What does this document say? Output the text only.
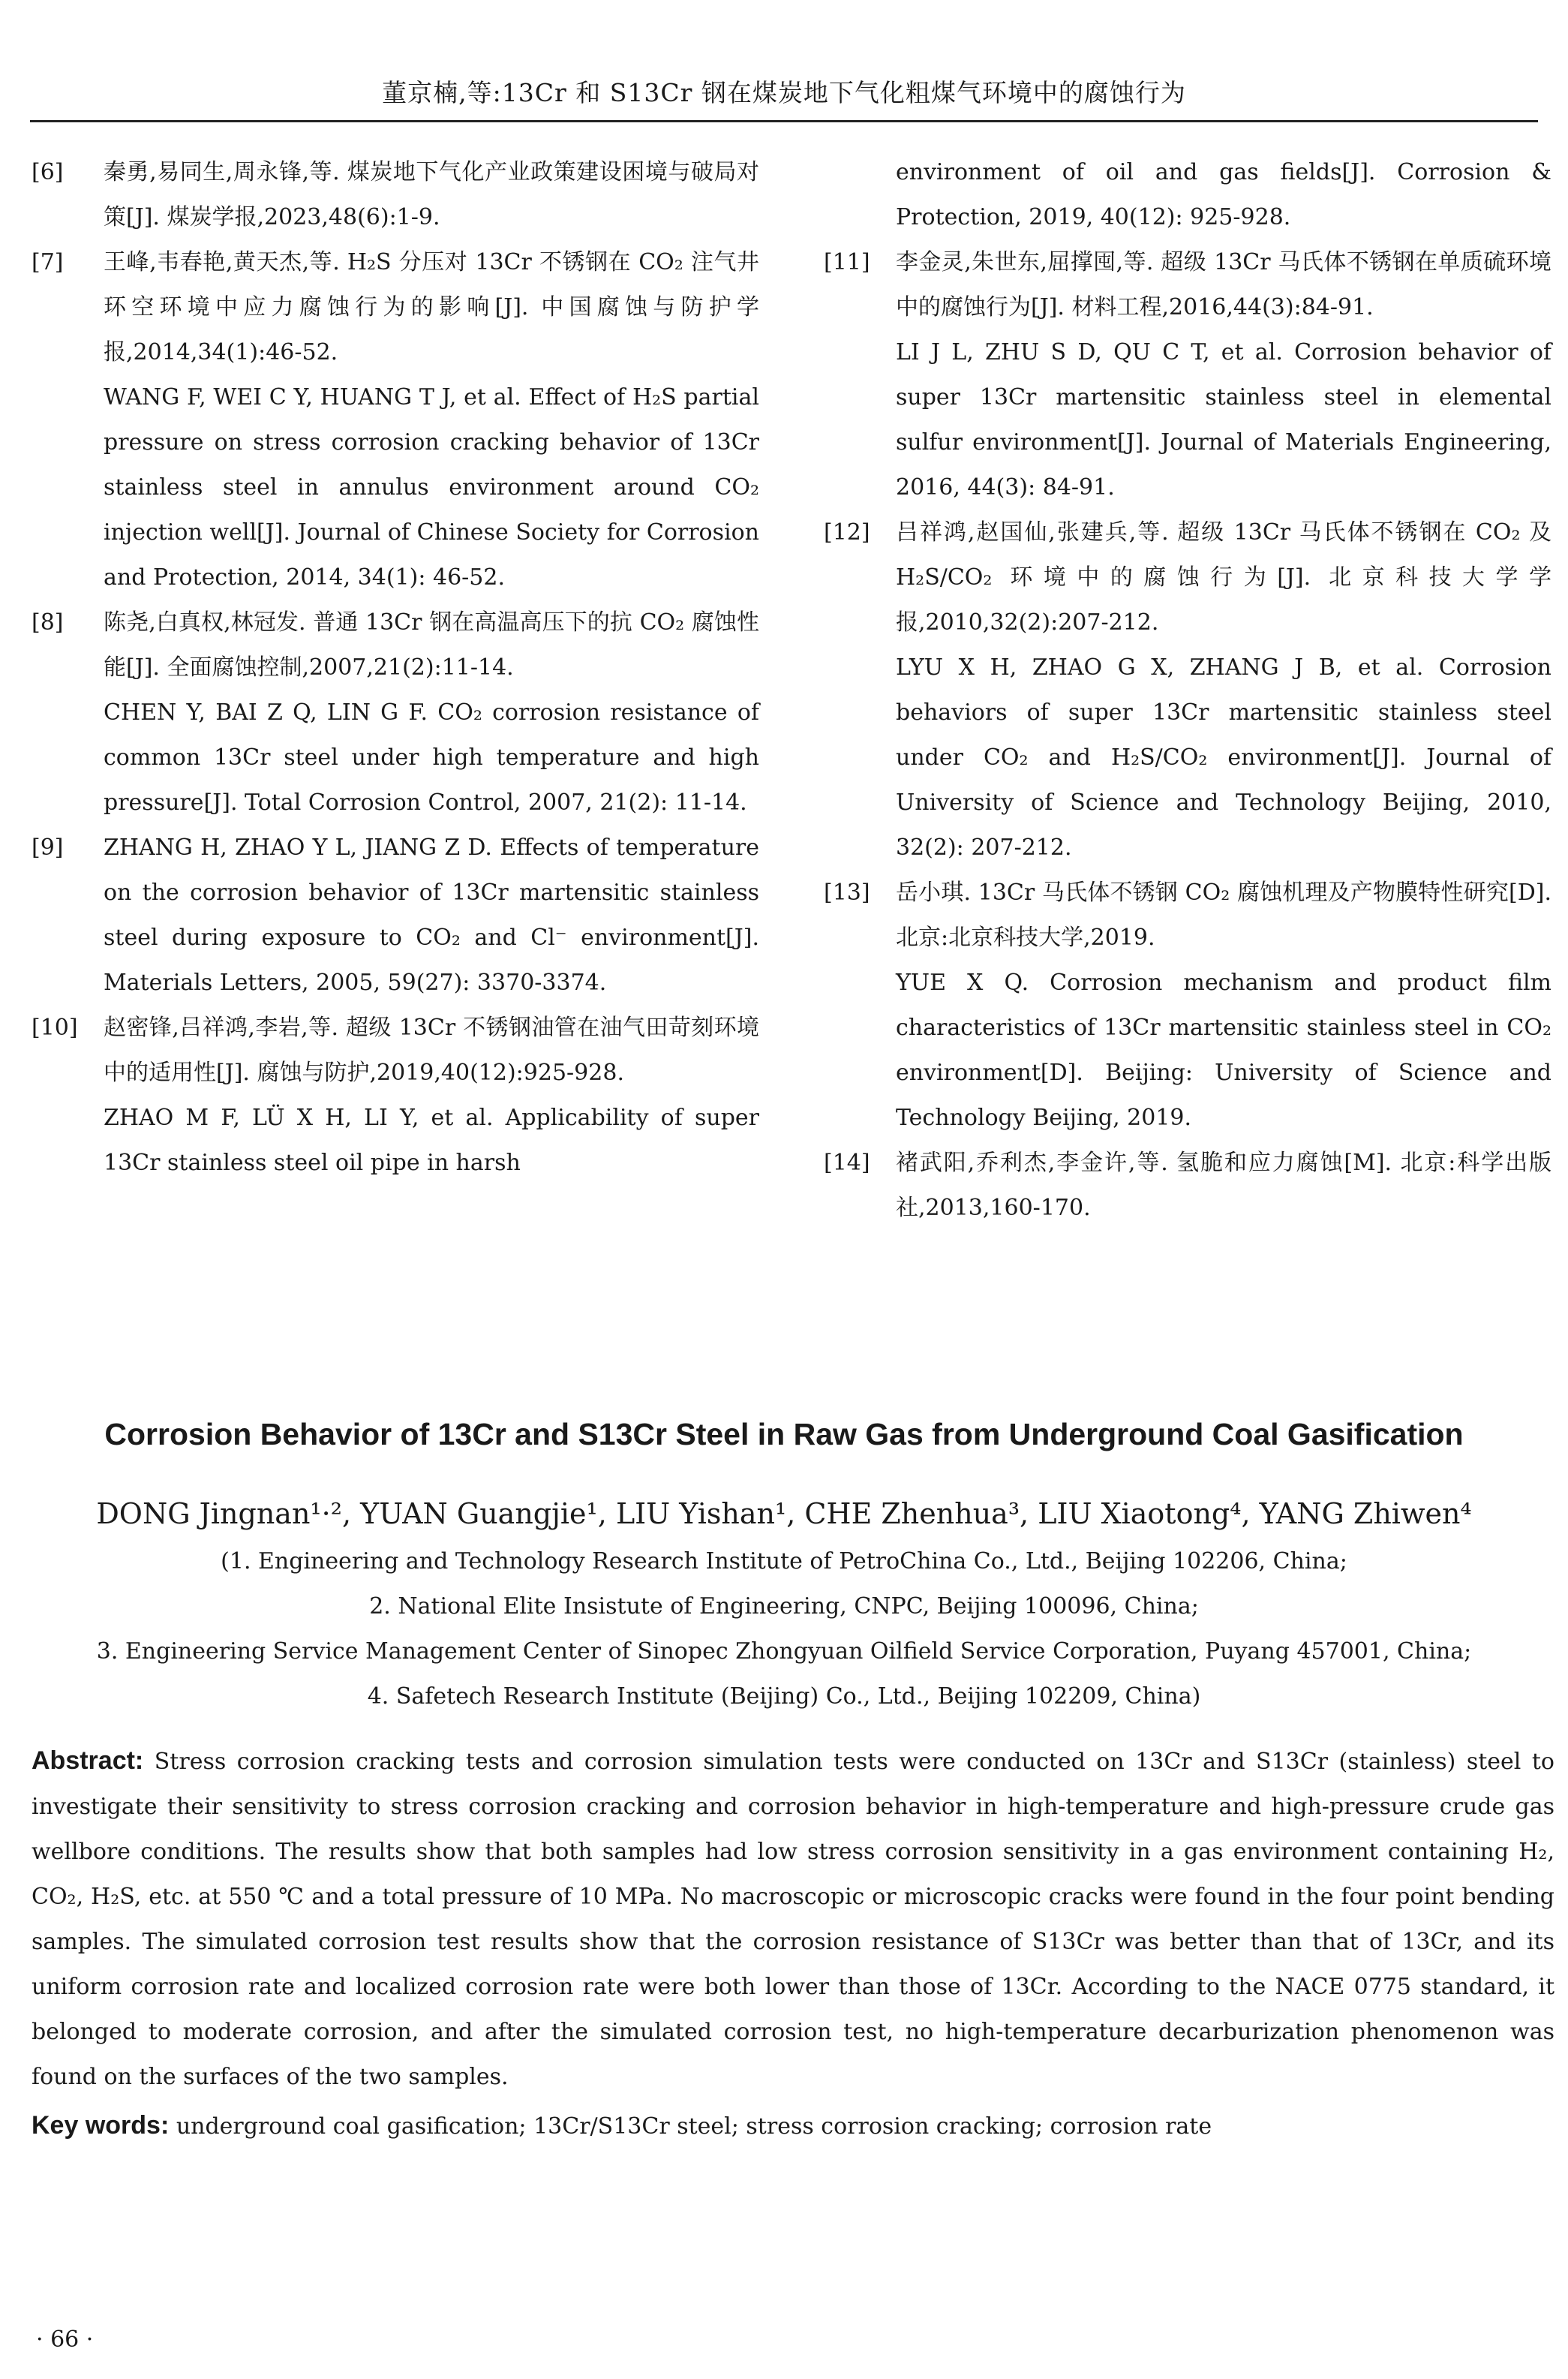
董京楠,等:13Cr 和 S13Cr 钢在煤炭地下气化粗煤气环境中的腐蚀行为
[6]	秦勇,易同生,周永锋,等. 煤炭地下气化产业政策建设困境与破局对策[J]. 煤炭学报,2023,48(6):1-9.

[7]	王峰,韦春艳,黄天杰,等. H₂S 分压对 13Cr 不锈钢在 CO₂ 注气井环空环境中应力腐蚀行为的影响[J]. 中国腐蚀与防护学报,2014,34(1):46-52.

WANG F, WEI C Y, HUANG T J, et al. Effect of H₂S partial pressure on stress corrosion cracking behavior of 13Cr stainless steel in annulus environment around CO₂ injection well[J]. Journal of Chinese Society for Corrosion and Protection, 2014, 34(1): 46-52.

[8]	陈尧,白真权,林冠发. 普通 13Cr 钢在高温高压下的抗 CO₂ 腐蚀性能[J]. 全面腐蚀控制,2007,21(2):11-14.

CHEN Y, BAI Z Q, LIN G F. CO₂ corrosion resistance of common 13Cr steel under high temperature and high pressure[J]. Total Corrosion Control, 2007, 21(2): 11-14.

[9]	ZHANG H, ZHAO Y L, JIANG Z D. Effects of temperature on the corrosion behavior of 13Cr martensitic stainless steel during exposure to CO₂ and Cl⁻ environment[J]. Materials Letters, 2005, 59(27): 3370-3374.

[10]	赵密锋,吕祥鸿,李岩,等. 超级 13Cr 不锈钢油管在油气田苛刻环境中的适用性[J]. 腐蚀与防护,2019,40(12):925-928.

ZHAO M F, LÜ X H, LI Y, et al. Applicability of super 13Cr stainless steel oil pipe in harsh

environment of oil and gas fields[J]. Corrosion & Protection, 2019, 40(12): 925-928.

[11]	李金灵,朱世东,屈撑囤,等. 超级 13Cr 马氏体不锈钢在单质硫环境中的腐蚀行为[J]. 材料工程,2016,44(3):84-91.

LI J L, ZHU S D, QU C T, et al. Corrosion behavior of super 13Cr martensitic stainless steel in elemental sulfur environment[J]. Journal of Materials Engineering, 2016, 44(3): 84-91.

[12]	吕祥鸿,赵国仙,张建兵,等. 超级 13Cr 马氏体不锈钢在 CO₂ 及 H₂S/CO₂ 环境中的腐蚀行为[J]. 北京科技大学学报,2010,32(2):207-212.

LYU X H, ZHAO G X, ZHANG J B, et al. Corrosion behaviors of super 13Cr martensitic stainless steel under CO₂ and H₂S/CO₂ environment[J]. Journal of University of Science and Technology Beijing, 2010, 32(2): 207-212.

[13]	岳小琪. 13Cr 马氏体不锈钢 CO₂ 腐蚀机理及产物膜特性研究[D]. 北京:北京科技大学,2019.

YUE X Q. Corrosion mechanism and product film characteristics of 13Cr martensitic stainless steel in CO₂ environment[D]. Beijing: University of Science and Technology Beijing, 2019.

[14]	褚武阳,乔利杰,李金许,等. 氢脆和应力腐蚀[M]. 北京:科学出版社,2013,160-170.

Corrosion Behavior of 13Cr and S13Cr Steel in Raw Gas from Underground Coal Gasification
DONG Jingnan¹·², YUAN Guangjie¹, LIU Yishan¹, CHE Zhenhua³, LIU Xiaotong⁴, YANG Zhiwen⁴
(1. Engineering and Technology Research Institute of PetroChina Co., Ltd., Beijing 102206, China;
2. National Elite Insistute of Engineering, CNPC, Beijing 100096, China;
3. Engineering Service Management Center of Sinopec Zhongyuan Oilfield Service Corporation, Puyang 457001, China;
4. Safetech Research Institute (Beijing) Co., Ltd., Beijing 102209, China)
Abstract: Stress corrosion cracking tests and corrosion simulation tests were conducted on 13Cr and S13Cr (stainless) steel to investigate their sensitivity to stress corrosion cracking and corrosion behavior in high-temperature and high-pressure crude gas wellbore conditions. The results show that both samples had low stress corrosion sensitivity in a gas environment containing H₂, CO₂, H₂S, etc. at 550 ℃ and a total pressure of 10 MPa. No macroscopic or microscopic cracks were found in the four point bending samples. The simulated corrosion test results show that the corrosion resistance of S13Cr was better than that of 13Cr, and its uniform corrosion rate and localized corrosion rate were both lower than those of 13Cr. According to the NACE 0775 standard, it belonged to moderate corrosion, and after the simulated corrosion test, no high-temperature decarburization phenomenon was found on the surfaces of the two samples.
Key words: underground coal gasification; 13Cr/S13Cr steel; stress corrosion cracking; corrosion rate
· 66 ·
